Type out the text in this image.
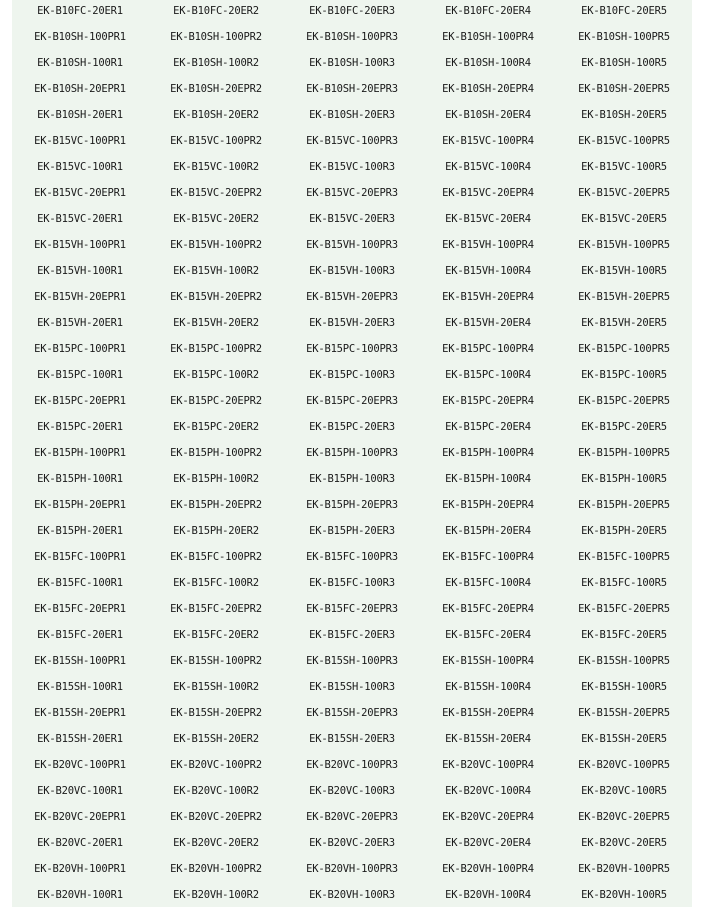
EK-B10FC-20ER1	EK-B10FC-20ER2	EK-B10FC-20ER3	EK-B10FC-20ER4	EK-B10FC-20ER5
EK-B10SH-100PR1	EK-B10SH-100PR2	EK-B10SH-100PR3	EK-B10SH-100PR4	EK-B10SH-100PR5
EK-B10SH-100R1	EK-B10SH-100R2	EK-B10SH-100R3	EK-B10SH-100R4	EK-B10SH-100R5
EK-B10SH-20EPR1	EK-B10SH-20EPR2	EK-B10SH-20EPR3	EK-B10SH-20EPR4	EK-B10SH-20EPR5
EK-B10SH-20ER1	EK-B10SH-20ER2	EK-B10SH-20ER3	EK-B10SH-20ER4	EK-B10SH-20ER5
EK-B15VC-100PR1	EK-B15VC-100PR2	EK-B15VC-100PR3	EK-B15VC-100PR4	EK-B15VC-100PR5
EK-B15VC-100R1	EK-B15VC-100R2	EK-B15VC-100R3	EK-B15VC-100R4	EK-B15VC-100R5
EK-B15VC-20EPR1	EK-B15VC-20EPR2	EK-B15VC-20EPR3	EK-B15VC-20EPR4	EK-B15VC-20EPR5
EK-B15VC-20ER1	EK-B15VC-20ER2	EK-B15VC-20ER3	EK-B15VC-20ER4	EK-B15VC-20ER5
EK-B15VH-100PR1	EK-B15VH-100PR2	EK-B15VH-100PR3	EK-B15VH-100PR4	EK-B15VH-100PR5
EK-B15VH-100R1	EK-B15VH-100R2	EK-B15VH-100R3	EK-B15VH-100R4	EK-B15VH-100R5
EK-B15VH-20EPR1	EK-B15VH-20EPR2	EK-B15VH-20EPR3	EK-B15VH-20EPR4	EK-B15VH-20EPR5
EK-B15VH-20ER1	EK-B15VH-20ER2	EK-B15VH-20ER3	EK-B15VH-20ER4	EK-B15VH-20ER5
EK-B15PC-100PR1	EK-B15PC-100PR2	EK-B15PC-100PR3	EK-B15PC-100PR4	EK-B15PC-100PR5
EK-B15PC-100R1	EK-B15PC-100R2	EK-B15PC-100R3	EK-B15PC-100R4	EK-B15PC-100R5
EK-B15PC-20EPR1	EK-B15PC-20EPR2	EK-B15PC-20EPR3	EK-B15PC-20EPR4	EK-B15PC-20EPR5
EK-B15PC-20ER1	EK-B15PC-20ER2	EK-B15PC-20ER3	EK-B15PC-20ER4	EK-B15PC-20ER5
EK-B15PH-100PR1	EK-B15PH-100PR2	EK-B15PH-100PR3	EK-B15PH-100PR4	EK-B15PH-100PR5
EK-B15PH-100R1	EK-B15PH-100R2	EK-B15PH-100R3	EK-B15PH-100R4	EK-B15PH-100R5
EK-B15PH-20EPR1	EK-B15PH-20EPR2	EK-B15PH-20EPR3	EK-B15PH-20EPR4	EK-B15PH-20EPR5
EK-B15PH-20ER1	EK-B15PH-20ER2	EK-B15PH-20ER3	EK-B15PH-20ER4	EK-B15PH-20ER5
EK-B15FC-100PR1	EK-B15FC-100PR2	EK-B15FC-100PR3	EK-B15FC-100PR4	EK-B15FC-100PR5
EK-B15FC-100R1	EK-B15FC-100R2	EK-B15FC-100R3	EK-B15FC-100R4	EK-B15FC-100R5
EK-B15FC-20EPR1	EK-B15FC-20EPR2	EK-B15FC-20EPR3	EK-B15FC-20EPR4	EK-B15FC-20EPR5
EK-B15FC-20ER1	EK-B15FC-20ER2	EK-B15FC-20ER3	EK-B15FC-20ER4	EK-B15FC-20ER5
EK-B15SH-100PR1	EK-B15SH-100PR2	EK-B15SH-100PR3	EK-B15SH-100PR4	EK-B15SH-100PR5
EK-B15SH-100R1	EK-B15SH-100R2	EK-B15SH-100R3	EK-B15SH-100R4	EK-B15SH-100R5
EK-B15SH-20EPR1	EK-B15SH-20EPR2	EK-B15SH-20EPR3	EK-B15SH-20EPR4	EK-B15SH-20EPR5
EK-B15SH-20ER1	EK-B15SH-20ER2	EK-B15SH-20ER3	EK-B15SH-20ER4	EK-B15SH-20ER5
EK-B20VC-100PR1	EK-B20VC-100PR2	EK-B20VC-100PR3	EK-B20VC-100PR4	EK-B20VC-100PR5
EK-B20VC-100R1	EK-B20VC-100R2	EK-B20VC-100R3	EK-B20VC-100R4	EK-B20VC-100R5
EK-B20VC-20EPR1	EK-B20VC-20EPR2	EK-B20VC-20EPR3	EK-B20VC-20EPR4	EK-B20VC-20EPR5
EK-B20VC-20ER1	EK-B20VC-20ER2	EK-B20VC-20ER3	EK-B20VC-20ER4	EK-B20VC-20ER5
EK-B20VH-100PR1	EK-B20VH-100PR2	EK-B20VH-100PR3	EK-B20VH-100PR4	EK-B20VH-100PR5
EK-B20VH-100R1	EK-B20VH-100R2	EK-B20VH-100R3	EK-B20VH-100R4	EK-B20VH-100R5
